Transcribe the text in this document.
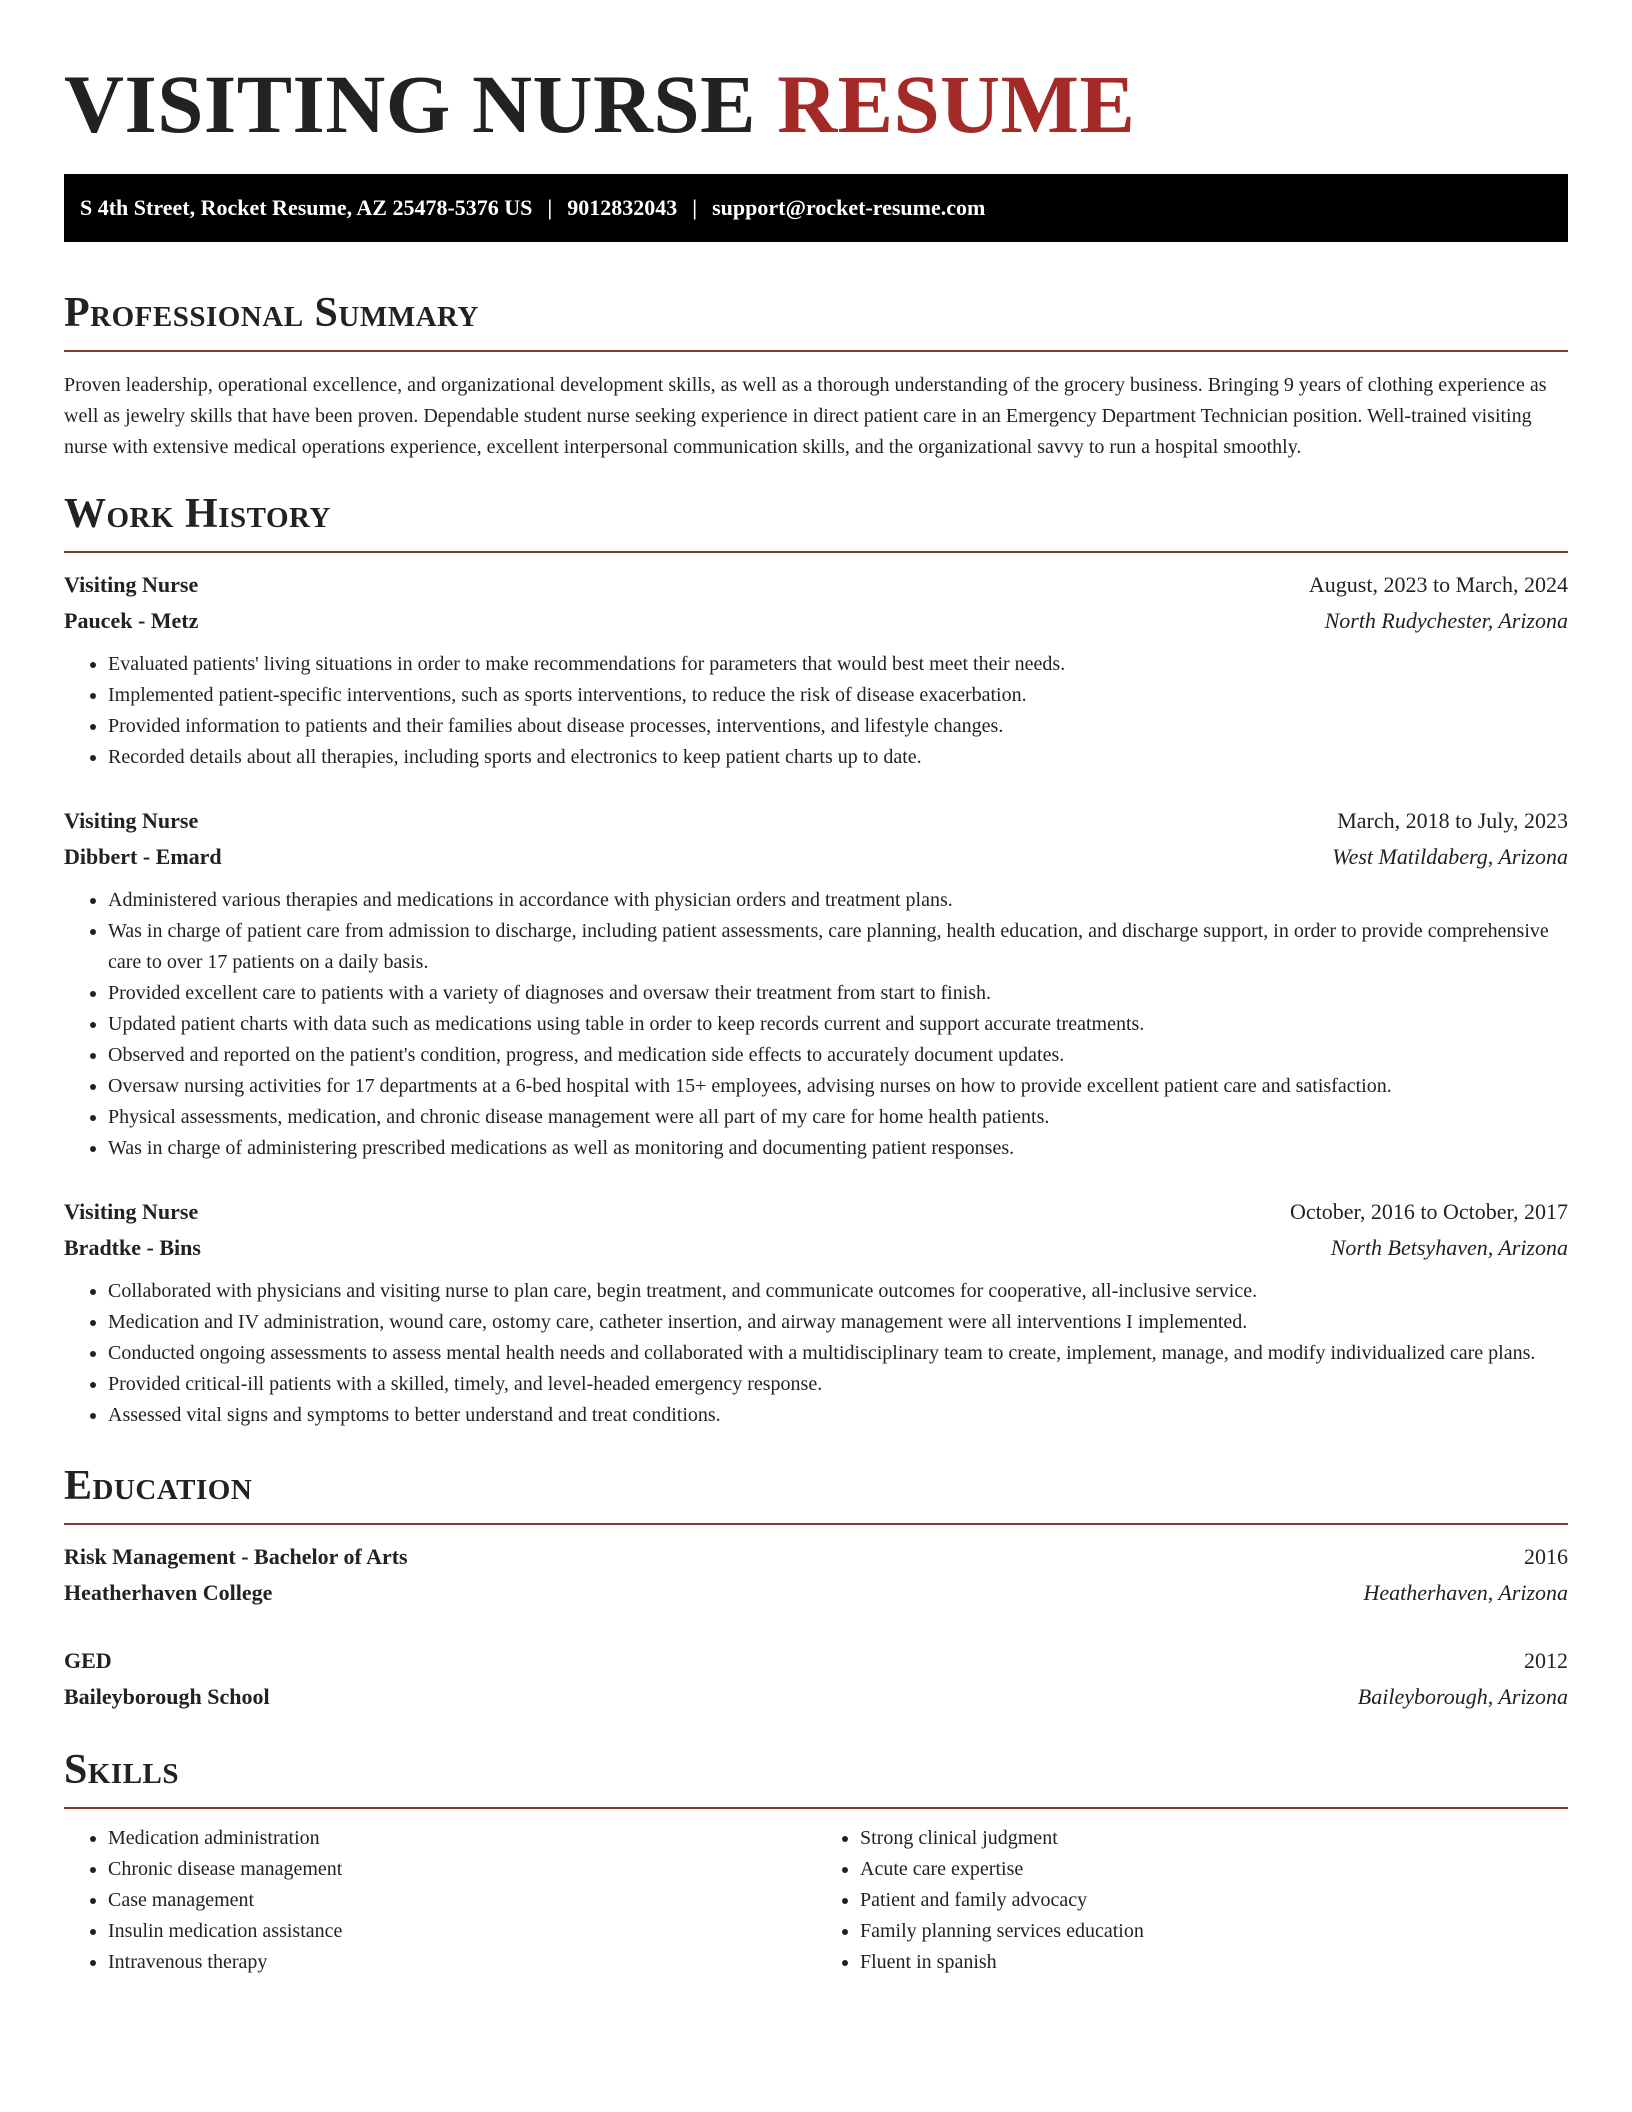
VISITING NURSE RESUME
S 4th Street, Rocket Resume, AZ 25478-5376 US | 9012832043 | support@rocket-resume.com
Professional Summary

Proven leadership, operational excellence, and organizational development skills, as well as a thorough understanding of the grocery business. Bringing 9 years of clothing experience as well as jewelry skills that have been proven. Dependable student nurse seeking experience in direct patient care in an Emergency Department Technician position. Well-trained visiting nurse with extensive medical operations experience, excellent interpersonal communication skills, and the organizational savvy to run a hospital smoothly.

Work History
Visiting Nurse	August, 2023 to March, 2024
Paucek - Metz	North Rudychester, Arizona
• Evaluated patients' living situations in order to make recommendations for parameters that would best meet their needs.
• Implemented patient-specific interventions, such as sports interventions, to reduce the risk of disease exacerbation.
• Provided information to patients and their families about disease processes, interventions, and lifestyle changes.
• Recorded details about all therapies, including sports and electronics to keep patient charts up to date.
Visiting Nurse	March, 2018 to July, 2023
Dibbert - Emard	West Matildaberg, Arizona
• Administered various therapies and medications in accordance with physician orders and treatment plans.
• Was in charge of patient care from admission to discharge, including patient assessments, care planning, health education, and discharge support, in order to provide comprehensive care to over 17 patients on a daily basis.
• Provided excellent care to patients with a variety of diagnoses and oversaw their treatment from start to finish.
• Updated patient charts with data such as medications using table in order to keep records current and support accurate treatments.
• Observed and reported on the patient's condition, progress, and medication side effects to accurately document updates.
• Oversaw nursing activities for 17 departments at a 6-bed hospital with 15+ employees, advising nurses on how to provide excellent patient care and satisfaction.
• Physical assessments, medication, and chronic disease management were all part of my care for home health patients.
• Was in charge of administering prescribed medications as well as monitoring and documenting patient responses.
Visiting Nurse	October, 2016 to October, 2017
Bradtke - Bins	North Betsyhaven, Arizona
• Collaborated with physicians and visiting nurse to plan care, begin treatment, and communicate outcomes for cooperative, all-inclusive service.
• Medication and IV administration, wound care, ostomy care, catheter insertion, and airway management were all interventions I implemented.
• Conducted ongoing assessments to assess mental health needs and collaborated with a multidisciplinary team to create, implement, manage, and modify individualized care plans.
• Provided critical-ill patients with a skilled, timely, and level-headed emergency response.
• Assessed vital signs and symptoms to better understand and treat conditions.
Education
Risk Management - Bachelor of Arts	2016
Heatherhaven College	Heatherhaven, Arizona
GED	2012
Baileyborough School	Baileyborough, Arizona
Skills
• Medication administration
• Chronic disease management
• Case management
• Insulin medication assistance
• Intravenous therapy
• Strong clinical judgment
• Acute care expertise
• Patient and family advocacy
• Family planning services education
• Fluent in spanish
